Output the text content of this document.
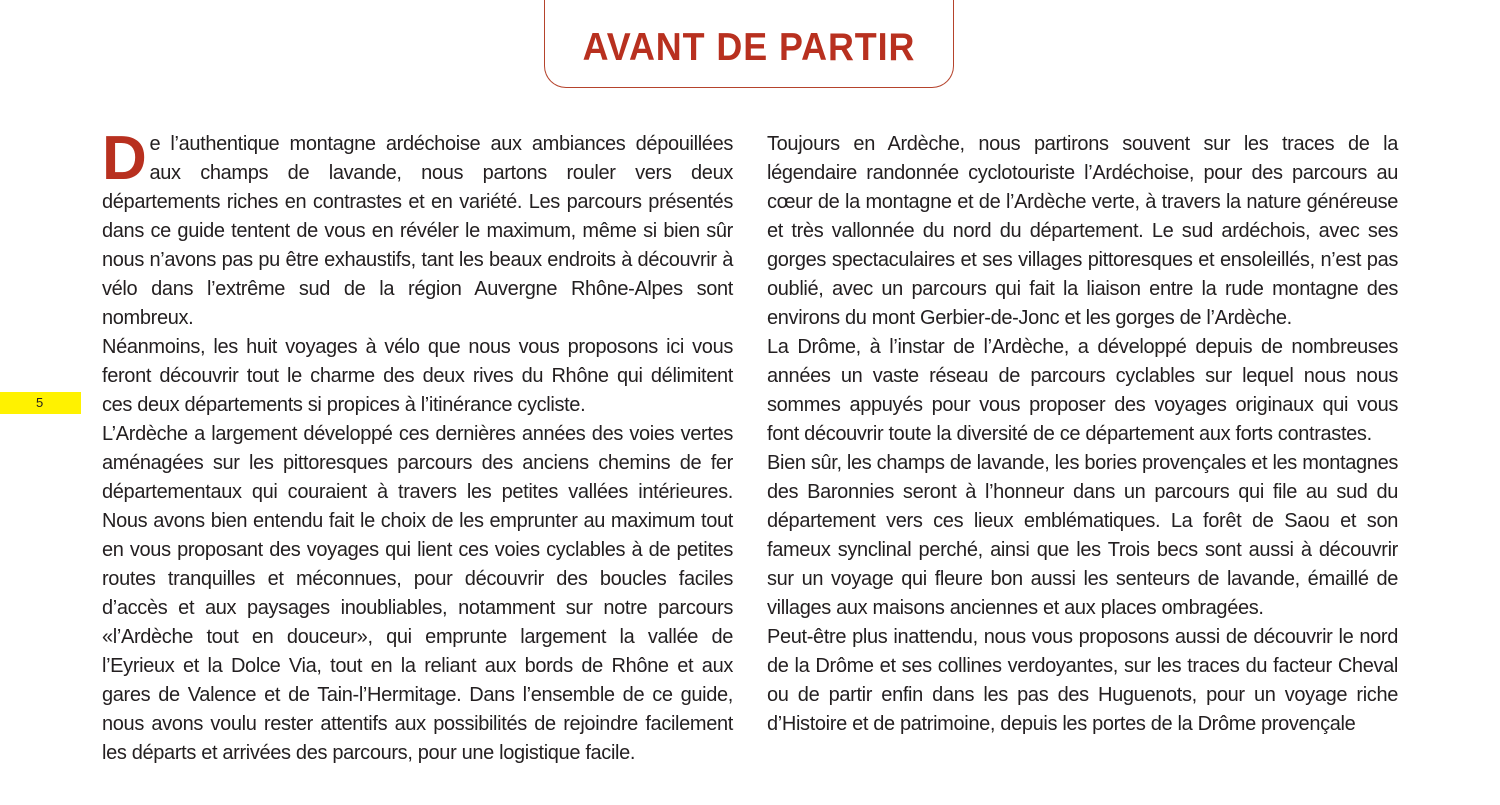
AVANT DE PARTIR
5

De l’authentique montagne ardéchoise aux ambiances dépouillées aux champs de lavande, nous partons rouler vers deux départements riches en contrastes et en variété. Les parcours présentés dans ce guide tentent de vous en révéler le maximum, même si bien sûr nous n’avons pas pu être exhaustifs, tant les beaux endroits à découvrir à vélo dans l’extrême sud de la région Auvergne Rhône-Alpes sont nombreux.

Néanmoins, les huit voyages à vélo que nous vous proposons ici vous feront découvrir tout le charme des deux rives du Rhône qui délimitent ces deux départements si propices à l’itinérance cycliste.

L’Ardèche a largement développé ces dernières années des voies vertes aménagées sur les pittoresques parcours des anciens chemins de fer départementaux qui couraient à travers les petites vallées intérieures. Nous avons bien entendu fait le choix de les emprunter au maximum tout en vous proposant des voyages qui lient ces voies cyclables à de petites routes tranquilles et méconnues, pour découvrir des boucles faciles d’accès et aux paysages inoubliables, notamment sur notre parcours «l’Ardèche tout en douceur», qui emprunte largement la vallée de l’Eyrieux et la Dolce Via, tout en la reliant aux bords de Rhône et aux gares de Valence et de Tain-l’Hermitage. Dans l’ensemble de ce guide, nous avons voulu rester attentifs aux possibilités de rejoindre facilement les départs et arrivées des parcours, pour une logistique facile.

Toujours en Ardèche, nous partirons souvent sur les traces de la légendaire randonnée cyclotouriste l’Ardéchoise, pour des parcours au cœur de la montagne et de l’Ardèche verte, à travers la nature généreuse et très vallonnée du nord du département. Le sud ardéchois, avec ses gorges spectaculaires et ses villages pittoresques et ensoleillés, n’est pas oublié, avec un parcours qui fait la liaison entre la rude montagne des environs du mont Gerbier-de-Jonc et les gorges de l’Ardèche.

La Drôme, à l’instar de l’Ardèche, a développé depuis de nombreuses années un vaste réseau de parcours cyclables sur lequel nous nous sommes appuyés pour vous proposer des voyages originaux qui vous font découvrir toute la diversité de ce département aux forts contrastes.

Bien sûr, les champs de lavande, les bories provençales et les montagnes des Baronnies seront à l’honneur dans un parcours qui file au sud du département vers ces lieux emblématiques. La forêt de Saou et son fameux synclinal perché, ainsi que les Trois becs sont aussi à découvrir sur un voyage qui fleure bon aussi les senteurs de lavande, émaillé de villages aux maisons anciennes et aux places ombragées.

Peut-être plus inattendu, nous vous proposons aussi de découvrir le nord de la Drôme et ses collines verdoyantes, sur les traces du facteur Cheval ou de partir enfin dans les pas des Huguenots, pour un voyage riche d’Histoire et de patrimoine, depuis les portes de la Drôme provençale
